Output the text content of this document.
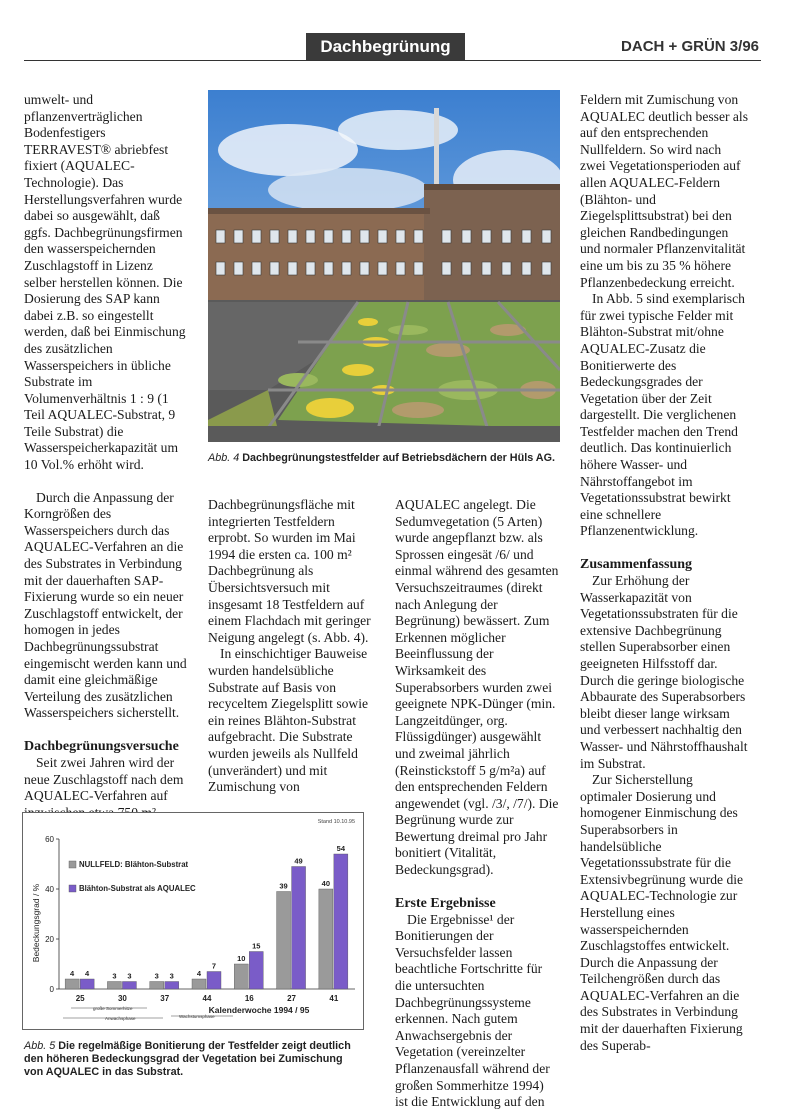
Dachbegrünung	DACH + GRÜN 3/96

umwelt- und pflanzenverträglichen Bodenfestigers TERRAVEST® abriebfest fixiert (AQUALEC-Technologie). Das Herstellungsverfahren wurde dabei so ausgewählt, daß ggfs. Dachbegrünungsfirmen den wasserspeichernden Zuschlagstoff in Lizenz selber herstellen können. Die Dosierung des SAP kann dabei z.B. so eingestellt werden, daß bei Einmischung des zusätzlichen Wasserspeichers in übliche Substrate im Volumenverhältnis 1 : 9 (1 Teil AQUALEC-Substrat, 9 Teile Substrat) die Wasserspeicherkapazität um 10 Vol.% erhöht wird.

Durch die Anpassung der Korngrößen des Wasserspeichers durch das AQUALEC-Verfahren an die des Substrates in Verbindung mit der dauerhaften SAP-Fixierung wurde so ein neuer Zuschlagstoff entwickelt, der homogen in jedes Dachbegrünungssubstrat eingemischt werden kann und damit eine gleichmäßige Verteilung des zusätzlichen Wasserspeichers sicherstellt.

Dachbegrünungsversuche

Seit zwei Jahren wird der neue Zuschlagstoff nach dem AQUALEC-Verfahren auf

Abb. 4 Dachbegrünungstestfelder auf Betriebsdächern der Hüls AG.

Dachbegrünungsfläche mit integrierten Testfeldern erprobt. So wurden im Mai 1994 die ersten ca. 100 m² Dachbegrünung als Übersichtsversuch mit insgesamt 18 Testfeldern auf einem Flachdach mit geringer Neigung angelegt (s. Abb. 4).

In einschichtiger Bauweise wurden handelsübliche Substrate auf Basis von recyceltem Ziegelsplitt sowie ein reines Blähton-Substrat aufgebracht. Die Substrate wurden jeweils als Nullfeld (unverändert) und mit Zumischung von

AQUALEC angelegt. Die Sedumvegetation (5 Arten) wurde angepflanzt bzw. als Sprossen eingesät /6/ und einmal während des gesamten Versuchszeitraumes (direkt nach Anlegung der Begrünung) bewässert. Zum Erkennen möglicher Beeinflussung der Wirksamkeit des Superabsorbers wurden zwei geeignete NPK-Dünger (min. Langzeitdünger, org. Flüssigdünger) ausgewählt und zweimal jährlich (Reinstickstoff 5 g/m²a) auf den entsprechenden Feldern angewendet (vgl. /3/, /7/). Die Begrünung wurde zur Bewertung dreimal pro Jahr bonitiert (Vitalität, Bedeckungsgrad).

Erste Ergebnisse

Die Ergebnisse¹ der Bonitierungen der Versuchsfelder lassen beachtliche Fortschritte für die untersuchten Dachbegrünungssysteme erkennen. Nach gutem Anwachsergebnis der Vegetation (vereinzelter Pflanzenausfall während der großen Sommerhitze 1994) ist die Entwicklung auf den

Feldern mit Zumischung von AQUALEC deutlich besser als auf den entsprechenden Nullfeldern. So wird nach zwei Vegetationsperioden auf allen AQUALEC-Feldern (Blähton- und Ziegelsplittsubstrat) bei den gleichen Randbedingungen und normaler Pflanzenvitalität eine um bis zu 35 % höhere Pflanzenbedeckung erreicht.

In Abb. 5 sind exemplarisch für zwei typische Felder mit Blähton-Substrat mit/ohne AQUALEC-Zusatz die Bonitierwerte des Bedeckungsgrades der Vegetation über der Zeit dargestellt. Die verglichenen Testfelder machen den Trend deutlich. Das kontinuierlich höhere Wasser- und Nährstoffangebot im Vegetationssubstrat bewirkt eine schnellere Pflanzenentwicklung.

Zusammenfassung

Zur Erhöhung der Wasserkapazität von Vegetationssubstraten für die extensive Dachbegrünung stellen Superabsorber einen geeigneten Hilfsstoff dar. Durch die geringe biologische Abbaurate des Superabsorbers bleibt dieser lange wirksam und verbessert nachhaltig den Wasser- und Nährstoffhaushalt im Substrat.

Zur Sicherstellung optimaler Dosierung und homogener Einmischung des Superabsorbers in handelsübliche Vegetationssubstrate für die Extensivbegrünung wurde die AQUALEC-Technologie zur Herstellung eines wasserspeichernden Zuschlagstoffes entwickelt. Durch die Anpassung der Teilchengrößen durch das AQUALEC-Verfahren an die des Substrates in Verbindung mit der dauerhaften Fixierung des Superab-

Stand 10.10.95
Bedeckungsgrad / %
0
20
40
60
4 4	3 3	3 3	4
7
10
15
39
49
40
54
25	30	37	44	16	27	41
NULLFELD: Blähton-Substrat
Blähton-Substrat als AQUALEC
Kalenderwoche 1994 / 95
große Sommerhitze
Anwachsphase	Wachstumsphase
Abb. 5 Die regelmäßige Bonitierung der Testfelder zeigt deutlich den höheren Bedeckungsgrad der Vegetation bei Zumischung von AQUALEC in das Substrat.
